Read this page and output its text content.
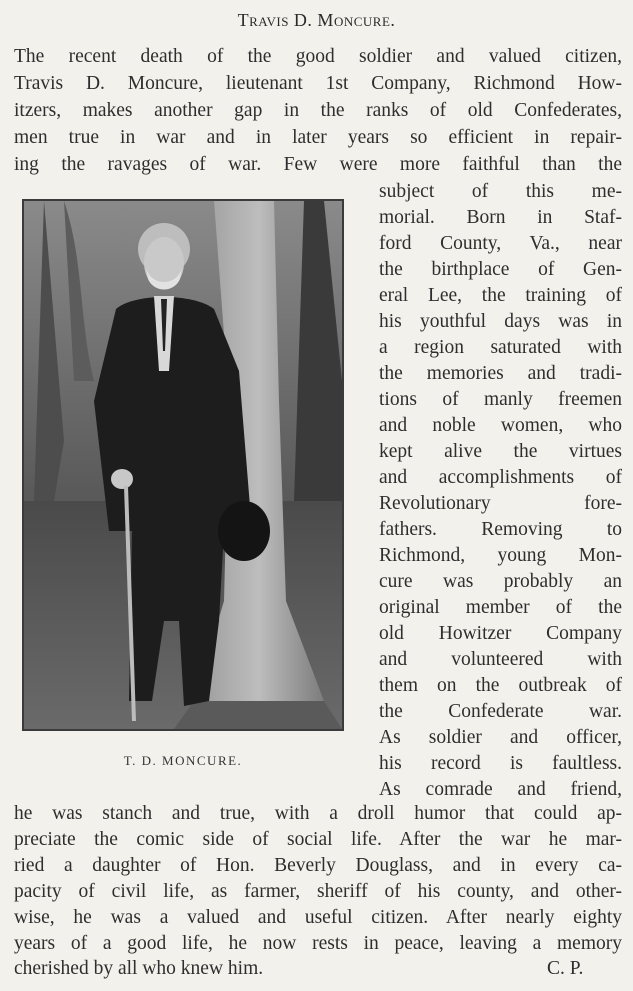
Travis D. Moncure.
The recent death of the good soldier and valued citizen,
Travis D. Moncure, lieutenant 1st Company, Richmond How-
itzers, makes another gap in the ranks of old Confederates,
men true in war and in later years so efficient in repair-
ing the ravages of war. Few were more faithful than the
T. D. MONCURE.
subject of this me-
morial. Born in Staf-
ford County, Va., near
the birthplace of Gen-
eral Lee, the training of
his youthful days was in
a region saturated with
the memories and tradi-
tions of manly freemen
and noble women, who
kept alive the virtues
and accomplishments of
Revolutionary fore-
fathers. Removing to
Richmond, young Mon-
cure was probably an
original member of the
old Howitzer Company
and volunteered with
them on the outbreak of
the Confederate war.
As soldier and officer,
his record is faultless.
As comrade and friend,
he was stanch and true, with a droll humor that could ap-
preciate the comic side of social life. After the war he mar-
ried a daughter of Hon. Beverly Douglass, and in every ca-
pacity of civil life, as farmer, sheriff of his county, and other-
wise, he was a valued and useful citizen. After nearly eighty
years of a good life, he now rests in peace, leaving a memory
cherished by all who knew him.	C. P.
